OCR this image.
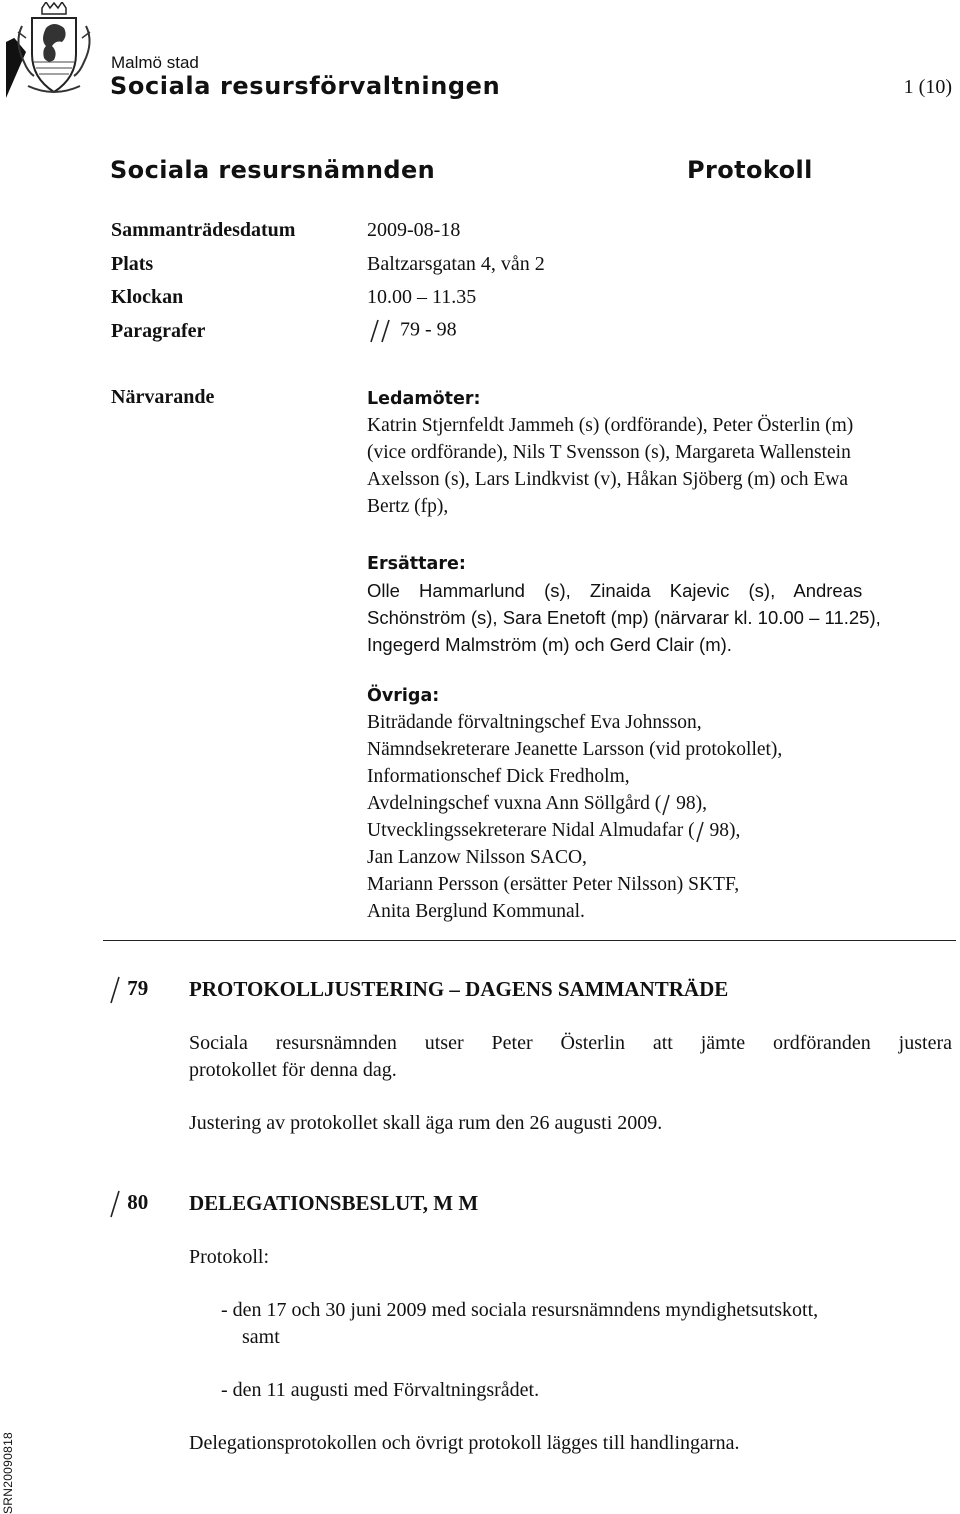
Malmö stad
Sociala resursförvaltningen	1 (10)
Sociala resursnämnden	Protokoll
Sammanträdesdatum	2009-08-18
Plats	Baltzarsgatan 4, vån 2
Klockan	10.00 – 11.35
Paragrafer	79 - 98
Närvarande	Ledamöter:
Katrin Stjernfeldt Jammeh (s) (ordförande), Peter Österlin (m)
(vice ordförande), Nils T Svensson (s), Margareta Wallenstein
Axelsson (s), Lars Lindkvist (v), Håkan Sjöberg (m) och Ewa
Bertz (fp),
Ersättare:
Olle Hammarlund (s), Zinaida Kajevic (s), Andreas
Schönström (s), Sara Enetoft (mp) (närvarar kl. 10.00 – 11.25),
Ingegerd Malmström (m) och Gerd Clair (m).
Övriga:
Biträdande förvaltningschef Eva Johnsson,
Nämndsekreterare Jeanette Larsson (vid protokollet),
Informationschef Dick Fredholm,
Avdelningschef vuxna Ann Söllgård ( 98),
Utvecklingssekreterare Nidal Almudafar ( 98),
Jan Lanzow Nilsson SACO,
Mariann Persson (ersätter Peter Nilsson) SKTF,
Anita Berglund Kommunal.
79 PROTOKOLLJUSTERING – DAGENS SAMMANTRÄDE
Sociala resursnämnden utser Peter Österlin att jämte ordföranden justera
protokollet för denna dag.
Justering av protokollet skall äga rum den 26 augusti 2009.
80 DELEGATIONSBESLUT, M M
Protokoll:
- den 17 och 30 juni 2009 med sociala resursnämndens myndighetsutskott,
samt
- den 11 augusti med Förvaltningsrådet.
Delegationsprotokollen och övrigt protokoll lägges till handlingarna.
SRN20090818
